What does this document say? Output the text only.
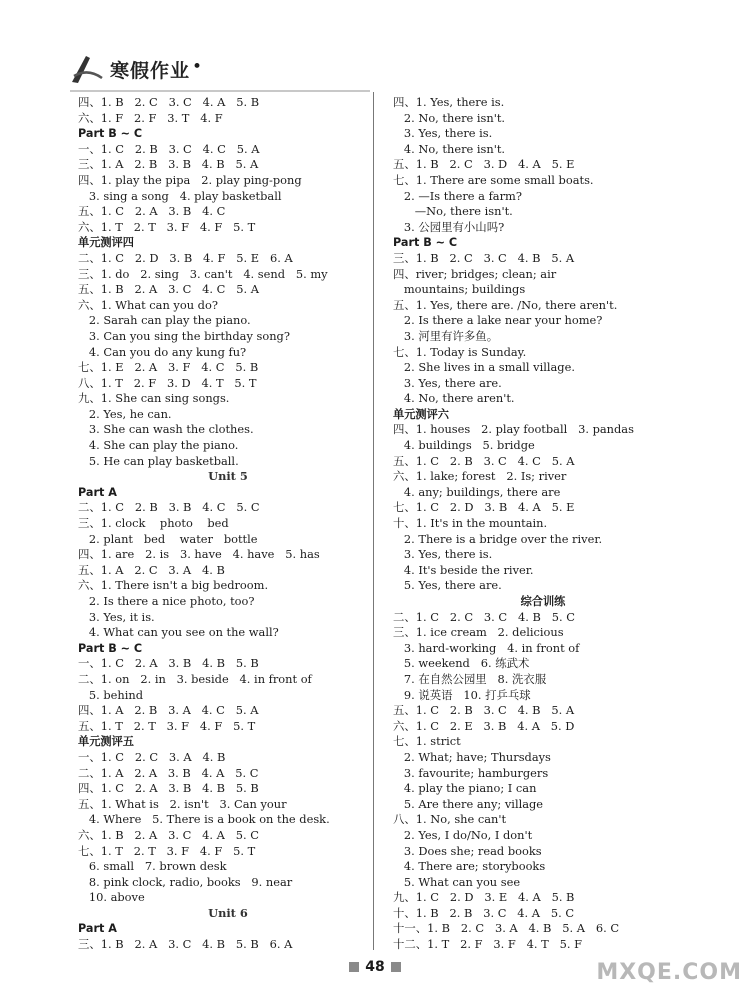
寒假作业 •
四、1. B   2. C   3. C   4. A   5. B
六、1. F   2. F   3. T   4. F
Part B ~ C
一、1. C   2. B   3. C   4. C   5. A
三、1. A   2. B   3. B   4. B   5. A
四、1. play the pipa   2. play ping-pong
3. sing a song   4. play basketball
五、1. C   2. A   3. B   4. C
六、1. T   2. T   3. F   4. F   5. T
单元测评四
二、1. C   2. D   3. B   4. F   5. E   6. A
三、1. do   2. sing   3. can't   4. send   5. my
五、1. B   2. A   3. C   4. C   5. A
六、1. What can you do?
2. Sarah can play the piano.
3. Can you sing the birthday song?
4. Can you do any kung fu?
七、1. E   2. A   3. F   4. C   5. B
八、1. T   2. F   3. D   4. T   5. T
九、1. She can sing songs.
2. Yes, he can.
3. She can wash the clothes.
4. She can play the piano.
5. He can play basketball.
Unit 5
Part A
二、1. C   2. B   3. B   4. C   5. C
三、1. clock    photo    bed
2. plant   bed    water   bottle
四、1. are   2. is   3. have   4. have   5. has
五、1. A   2. C   3. A   4. B
六、1. There isn't a big bedroom.
2. Is there a nice photo, too?
3. Yes, it is.
4. What can you see on the wall?
Part B ~ C
一、1. C   2. A   3. B   4. B   5. B
二、1. on   2. in   3. beside   4. in front of
5. behind
四、1. A   2. B   3. A   4. C   5. A
五、1. T   2. T   3. F   4. F   5. T
单元测评五
一、1. C   2. C   3. A   4. B
二、1. A   2. A   3. B   4. A   5. C
四、1. C   2. A   3. B   4. B   5. B
五、1. What is   2. isn't   3. Can your
4. Where   5. There is a book on the desk.
六、1. B   2. A   3. C   4. A   5. C
七、1. T   2. T   3. F   4. F   5. T
6. small   7. brown desk
8. pink clock, radio, books   9. near
10. above
Unit 6
Part A
三、1. B   2. A   3. C   4. B   5. B   6. A
四、1. Yes, there is.
2. No, there isn't.
3. Yes, there is.
4. No, there isn't.
五、1. B   2. C   3. D   4. A   5. E
七、1. There are some small boats.
2. —Is there a farm?
—No, there isn't.
3. 公园里有小山吗?
Part B ~ C
三、1. B   2. C   3. C   4. B   5. A
四、river; bridges; clean; air
mountains; buildings
五、1. Yes, there are. /No, there aren't.
2. Is there a lake near your home?
3. 河里有许多鱼。
七、1. Today is Sunday.
2. She lives in a small village.
3. Yes, there are.
4. No, there aren't.
单元测评六
四、1. houses   2. play football   3. pandas
4. buildings   5. bridge
五、1. C   2. B   3. C   4. C   5. A
六、1. lake; forest   2. Is; river
4. any; buildings, there are
七、1. C   2. D   3. B   4. A   5. E
十、1. It's in the mountain.
2. There is a bridge over the river.
3. Yes, there is.
4. It's beside the river.
5. Yes, there are.
综合训练
二、1. C   2. C   3. C   4. B   5. C
三、1. ice cream   2. delicious
3. hard-working   4. in front of
5. weekend   6. 练武术
7. 在自然公园里   8. 洗衣服
9. 说英语   10. 打乒乓球
五、1. C   2. B   3. C   4. B   5. A
六、1. C   2. E   3. B   4. A   5. D
七、1. strict
2. What; have; Thursdays
3. favourite; hamburgers
4. play the piano; I can
5. Are there any; village
八、1. No, she can't
2. Yes, I do/No, I don't
3. Does she; read books
4. There are; storybooks
5. What can you see
九、1. C   2. D   3. E   4. A   5. B
十、1. B   2. B   3. C   4. A   5. C
十一、1. B   2. C   3. A   4. B   5. A   6. C
十二、1. T   2. F   3. F   4. T   5. F
48	MXQE.COM
